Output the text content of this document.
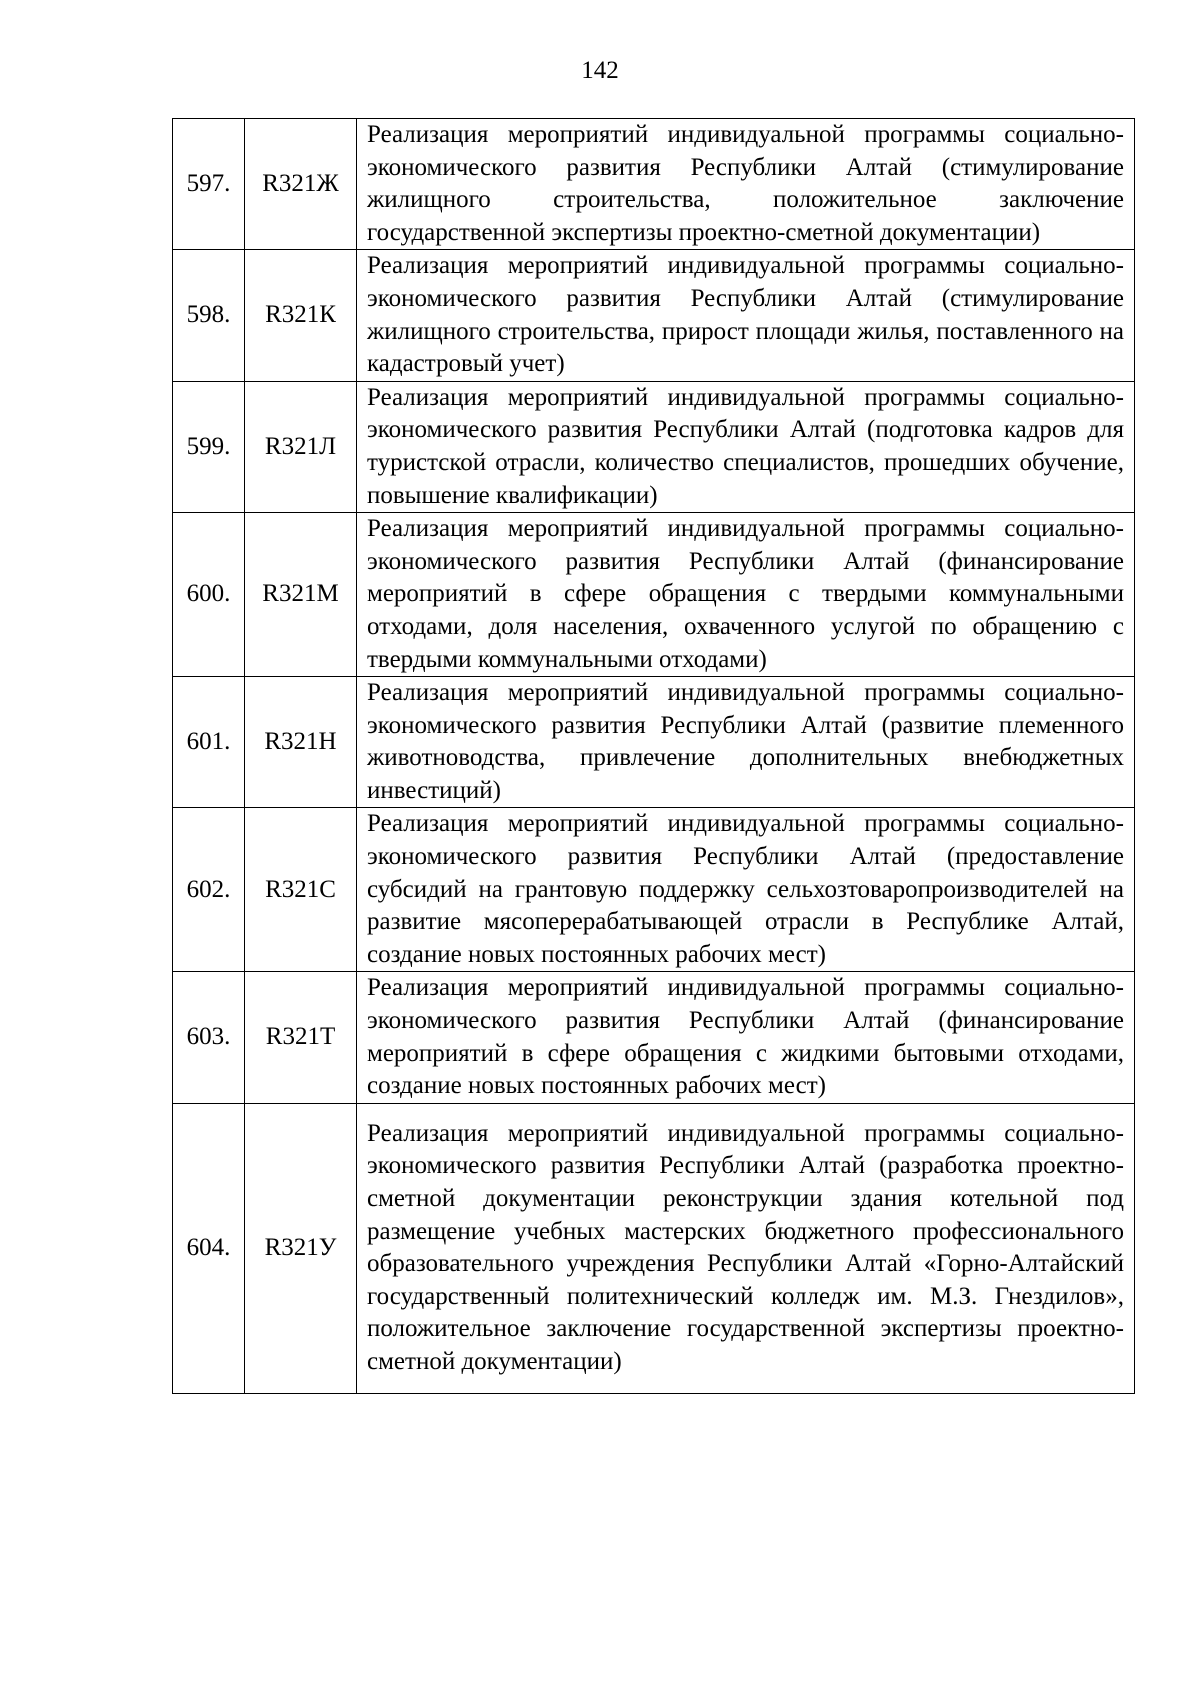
142
597.	R321Ж	Реализация мероприятий индивидуальной программы социально-экономического развития Республики Алтай (стимулирование жилищного строительства, положительное заключение государственной экспертизы проектно-сметной документации)
598.	R321К	Реализация мероприятий индивидуальной программы социально-экономического развития Республики Алтай (стимулирование жилищного строительства, прирост площади жилья, поставленного на кадастровый учет)
599.	R321Л	Реализация мероприятий индивидуальной программы социально-экономического развития Республики Алтай (подготовка кадров для туристской отрасли, количество специалистов, прошедших обучение, повышение квалификации)
600.	R321М	Реализация мероприятий индивидуальной программы социально-экономического развития Республики Алтай (финансирование мероприятий в сфере обращения с твердыми коммунальными отходами, доля населения, охваченного услугой по обращению с твердыми коммунальными отходами)
601.	R321Н	Реализация мероприятий индивидуальной программы социально-экономического развития Республики Алтай (развитие племенного животноводства, привлечение дополнительных внебюджетных инвестиций)
602.	R321С	Реализация мероприятий индивидуальной программы социально-экономического развития Республики Алтай (предоставление субсидий на грантовую поддержку сельхозтоваропроизводителей на развитие мясоперерабатывающей отрасли в Республике Алтай, создание новых постоянных рабочих мест)
603.	R321Т	Реализация мероприятий индивидуальной программы социально-экономического развития Республики Алтай (финансирование мероприятий в сфере обращения с жидкими бытовыми отходами, создание новых постоянных рабочих мест)
604.	R321У	Реализация мероприятий индивидуальной программы социально-экономического развития Республики Алтай (разработка проектно-сметной документации реконструкции здания котельной под размещение учебных мастерских бюджетного профессионального образовательного учреждения Республики Алтай «Горно-Алтайский государственный политехнический колледж им. М.З. Гнездилов», положительное заключение государственной экспертизы проектно-сметной документации)
